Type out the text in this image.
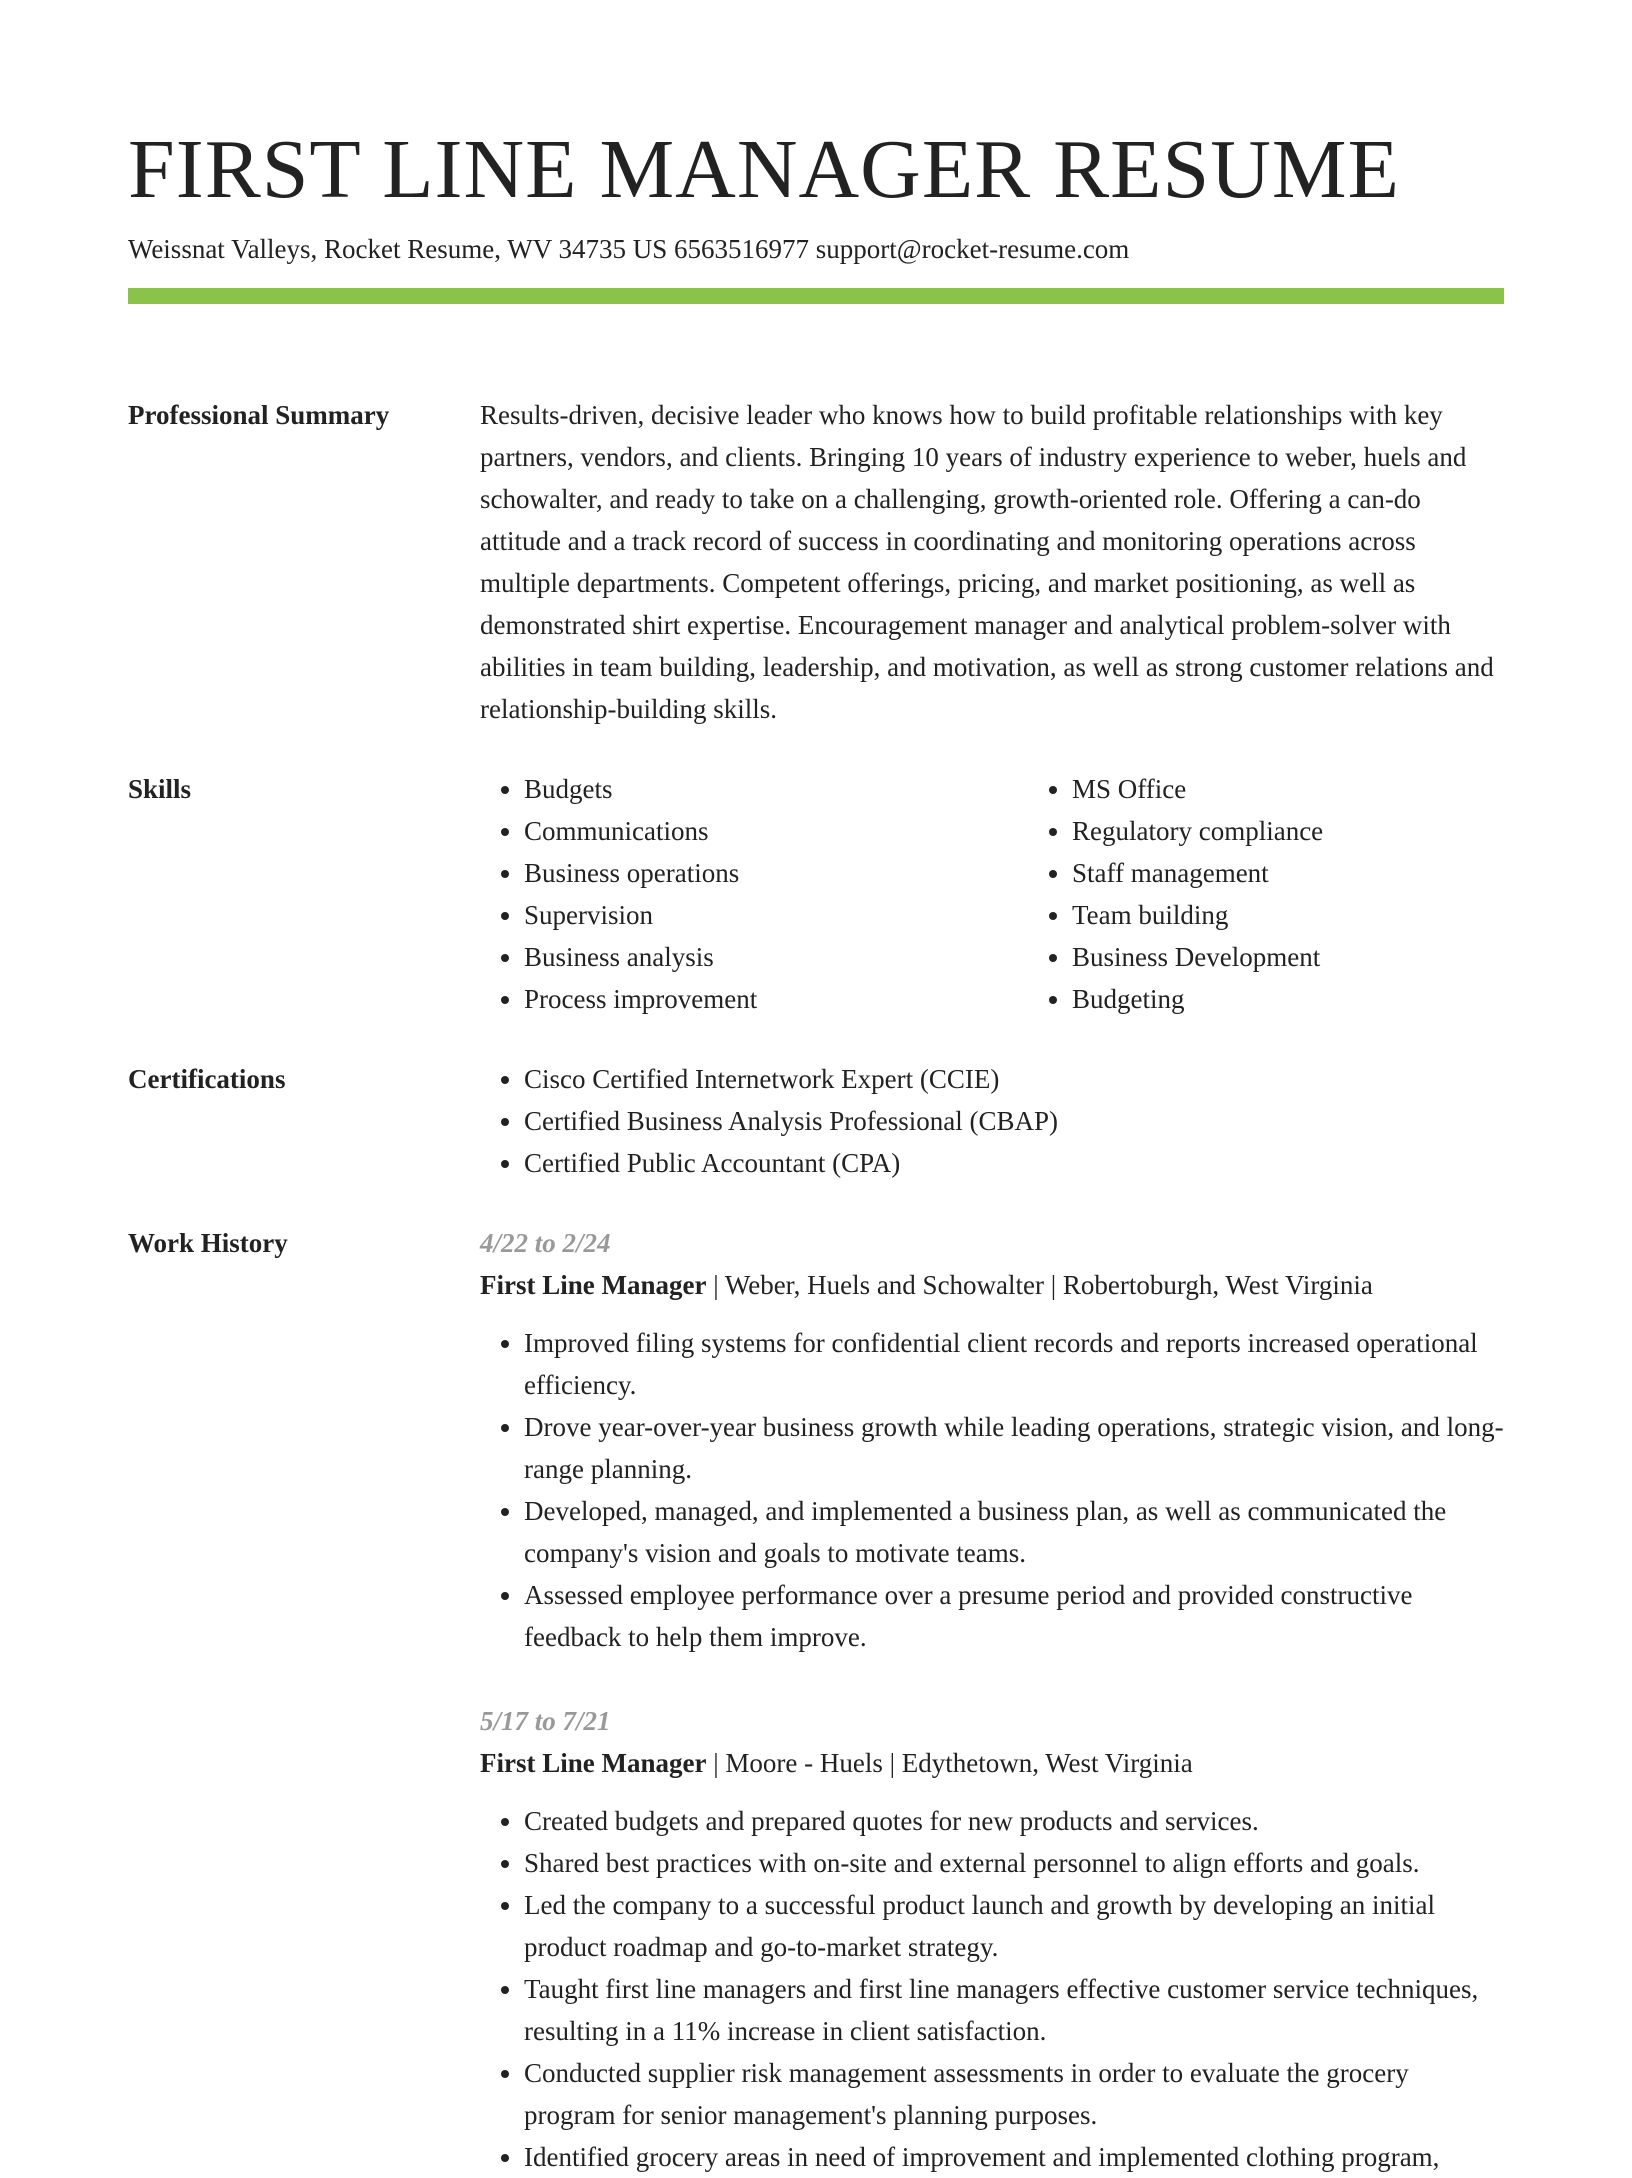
FIRST LINE MANAGER RESUME
Weissnat Valleys, Rocket Resume, WV 34735 US 6563516977 support@rocket-resume.com
Professional Summary	Results-driven, decisive leader who knows how to build profitable relationships with key partners, vendors, and clients. Bringing 10 years of industry experience to weber, huels and schowalter, and ready to take on a challenging, growth-oriented role. Offering a can-do attitude and a track record of success in coordinating and monitoring operations across multiple departments. Competent offerings, pricing, and market positioning, as well as demonstrated shirt expertise. Encouragement manager and analytical problem-solver with abilities in team building, leadership, and motivation, as well as strong customer relations and relationship-building skills.

Skills	• Budgets
• Communications
• Business operations
• Supervision
• Business analysis
• Process improvement
• MS Office
• Regulatory compliance
• Staff management
• Team building
• Business Development
• Budgeting
Certifications	• Cisco Certified Internetwork Expert (CCIE)
• Certified Business Analysis Professional (CBAP)
• Certified Public Accountant (CPA)
Work History	4/22 to 2/24
First Line Manager | Weber, Huels and Schowalter | Robertoburgh, West Virginia
• Improved filing systems for confidential client records and reports increased operational efficiency.
• Drove year-over-year business growth while leading operations, strategic vision, and long-range planning.
• Developed, managed, and implemented a business plan, as well as communicated the company's vision and goals to motivate teams.
• Assessed employee performance over a presume period and provided constructive feedback to help them improve.
5/17 to 7/21
First Line Manager | Moore - Huels | Edythetown, West Virginia
• Created budgets and prepared quotes for new products and services.
• Shared best practices with on-site and external personnel to align efforts and goals.
• Led the company to a successful product launch and growth by developing an initial product roadmap and go-to-market strategy.
• Taught first line managers and first line managers effective customer service techniques, resulting in a 11% increase in client satisfaction.
• Conducted supplier risk management assessments in order to evaluate the grocery program for senior management's planning purposes.
• Identified grocery areas in need of improvement and implemented clothing program,
